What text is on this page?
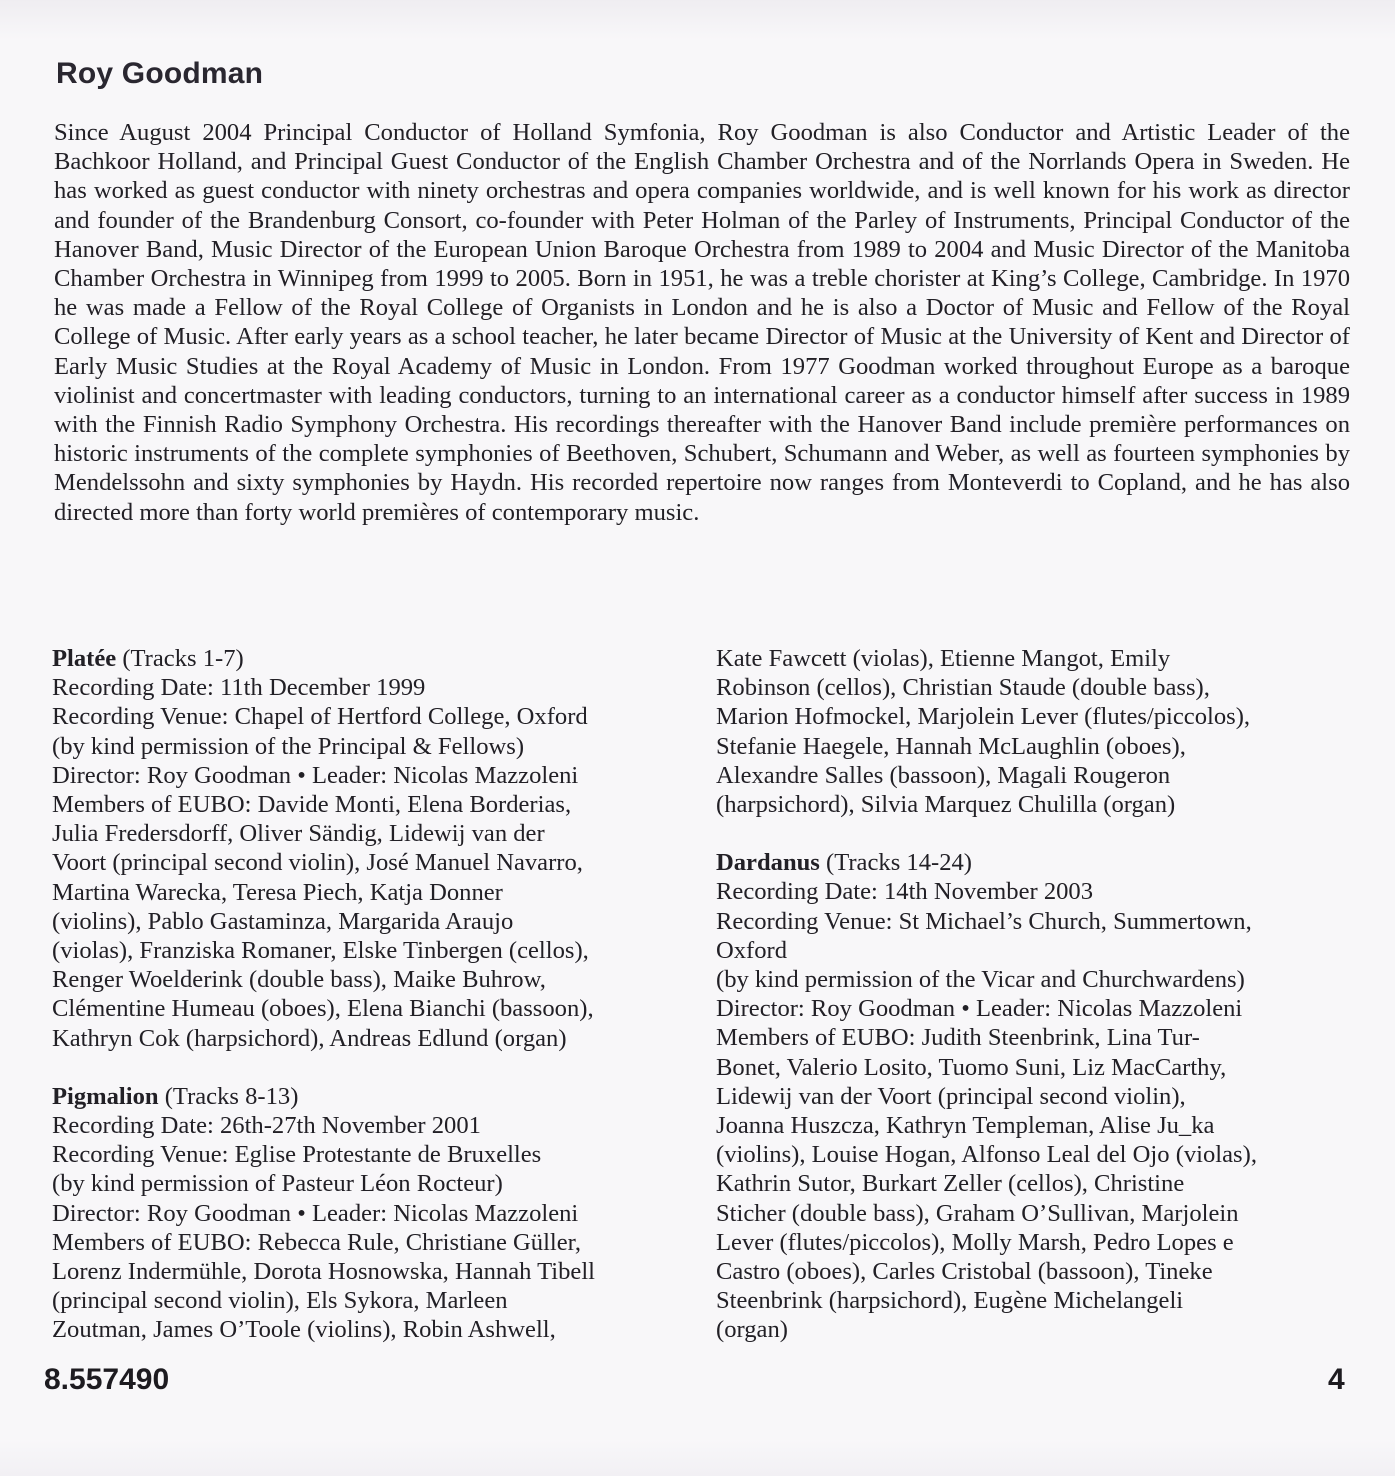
Roy Goodman
Since August 2004 Principal Conductor of Holland Symfonia, Roy Goodman is also Conductor and Artistic Leader of the Bachkoor Holland, and Principal Guest Conductor of the English Chamber Orchestra and of the Norrlands Opera in Sweden. He has worked as guest conductor with ninety orchestras and opera companies worldwide, and is well known for his work as director and founder of the Brandenburg Consort, co-founder with Peter Holman of the Parley of Instruments, Principal Conductor of the Hanover Band, Music Director of the European Union Baroque Orchestra from 1989 to 2004 and Music Director of the Manitoba Chamber Orchestra in Winnipeg from 1999 to 2005. Born in 1951, he was a treble chorister at King’s College, Cambridge. In 1970 he was made a Fellow of the Royal College of Organists in London and he is also a Doctor of Music and Fellow of the Royal College of Music. After early years as a school teacher, he later became Director of Music at the University of Kent and Director of Early Music Studies at the Royal Academy of Music in London. From 1977 Goodman worked throughout Europe as a baroque violinist and concertmaster with leading conductors, turning to an international career as a conductor himself after success in 1989 with the Finnish Radio Symphony Orchestra. His recordings thereafter with the Hanover Band include première performances on historic instruments of the complete symphonies of Beethoven, Schubert, Schumann and Weber, as well as fourteen symphonies by Mendelssohn and sixty symphonies by Haydn. His recorded repertoire now ranges from Monteverdi to Copland, and he has also directed more than forty world premières of contemporary music.
Platée (Tracks 1-7)
Recording Date: 11th December 1999
Recording Venue: Chapel of Hertford College, Oxford
(by kind permission of the Principal & Fellows)
Director: Roy Goodman • Leader: Nicolas Mazzoleni
Members of EUBO: Davide Monti, Elena Borderias,
Julia Fredersdorff, Oliver Sändig, Lidewij van der
Voort (principal second violin), José Manuel Navarro,
Martina Warecka, Teresa Piech, Katja Donner
(violins), Pablo Gastaminza, Margarida Araujo
(violas), Franziska Romaner, Elske Tinbergen (cellos),
Renger Woelderink (double bass), Maike Buhrow,
Clémentine Humeau (oboes), Elena Bianchi (bassoon),
Kathryn Cok (harpsichord), Andreas Edlund (organ)
Pigmalion (Tracks 8-13)
Recording Date: 26th-27th November 2001
Recording Venue: Eglise Protestante de Bruxelles
(by kind permission of Pasteur Léon Rocteur)
Director: Roy Goodman • Leader: Nicolas Mazzoleni
Members of EUBO: Rebecca Rule, Christiane Güller,
Lorenz Indermühle, Dorota Hosnowska, Hannah Tibell
(principal second violin), Els Sykora, Marleen
Zoutman, James O’Toole (violins), Robin Ashwell,
Kate Fawcett (violas), Etienne Mangot, Emily
Robinson (cellos), Christian Staude (double bass),
Marion Hofmockel, Marjolein Lever (flutes/piccolos),
Stefanie Haegele, Hannah McLaughlin (oboes),
Alexandre Salles (bassoon), Magali Rougeron
(harpsichord), Silvia Marquez Chulilla (organ)
Dardanus (Tracks 14-24)
Recording Date: 14th November 2003
Recording Venue: St Michael’s Church, Summertown,
Oxford
(by kind permission of the Vicar and Churchwardens)
Director: Roy Goodman • Leader: Nicolas Mazzoleni
Members of EUBO: Judith Steenbrink, Lina Tur-
Bonet, Valerio Losito, Tuomo Suni, Liz MacCarthy,
Lidewij van der Voort (principal second violin),
Joanna Huszcza, Kathryn Templeman, Alise Ju_ka
(violins), Louise Hogan, Alfonso Leal del Ojo (violas),
Kathrin Sutor, Burkart Zeller (cellos), Christine
Sticher (double bass), Graham O’Sullivan, Marjolein
Lever (flutes/piccolos), Molly Marsh, Pedro Lopes e
Castro (oboes), Carles Cristobal (bassoon), Tineke
Steenbrink (harpsichord), Eugène Michelangeli
(organ)
8.557490	4
